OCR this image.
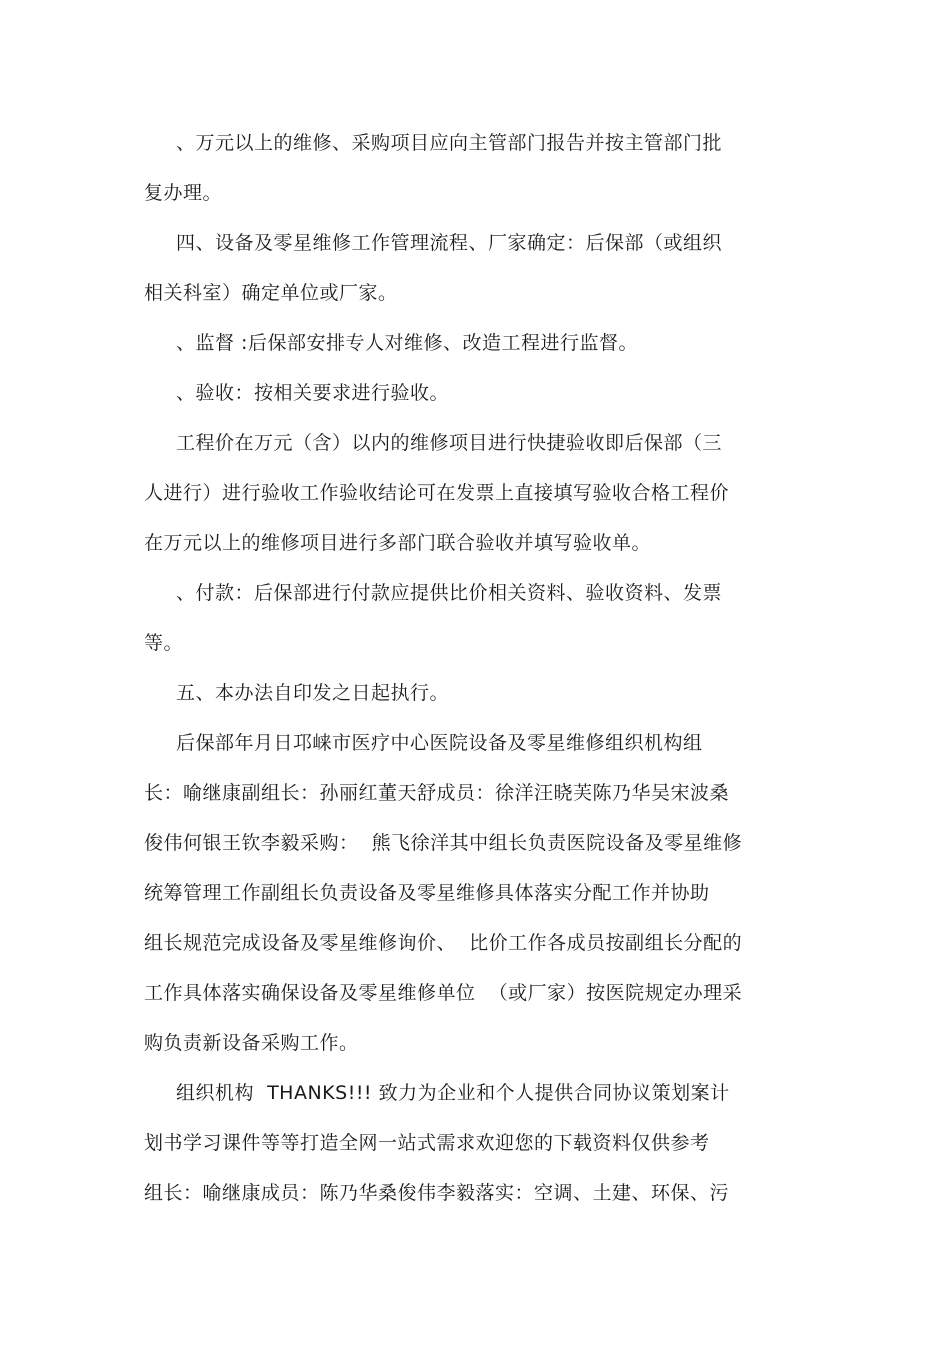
、万元以上的维修、采购项目应向主管部门报告并按主管部门批
复办理。
四、设备及零星维修工作管理流程、厂家确定：后保部（或组织
相关科室）确定单位或厂家。
、监督 :后保部安排专人对维修、改造工程进行监督。
、验收：按相关要求进行验收。
工程价在万元（含）以内的维修项目进行快捷验收即后保部（三
人进行）进行验收工作验收结论可在发票上直接填写验收合格工程价
在万元以上的维修项目进行多部门联合验收并填写验收单。
、付款：后保部进行付款应提供比价相关资料、验收资料、发票
等。
五、本办法自印发之日起执行。
后保部年月日邛崃市医疗中心医院设备及零星维修组织机构组
长：喻继康副组长：孙丽红董天舒成员：徐洋汪晓芙陈乃华吴宋波桑
俊伟何银王钦李毅采购：  熊飞徐洋其中组长负责医院设备及零星维修
统筹管理工作副组长负责设备及零星维修具体落实分配工作并协助
组长规范完成设备及零星维修询价、  比价工作各成员按副组长分配的
工作具体落实确保设备及零星维修单位  （或厂家）按医院规定办理采
购负责新设备采购工作。
组织机构  THANKS!!! 致力为企业和个人提供合同协议策划案计
划书学习课件等等打造全网一站式需求欢迎您的下载资料仅供参考
组长：喻继康成员：陈乃华桑俊伟李毅落实：空调、土建、环保、污
